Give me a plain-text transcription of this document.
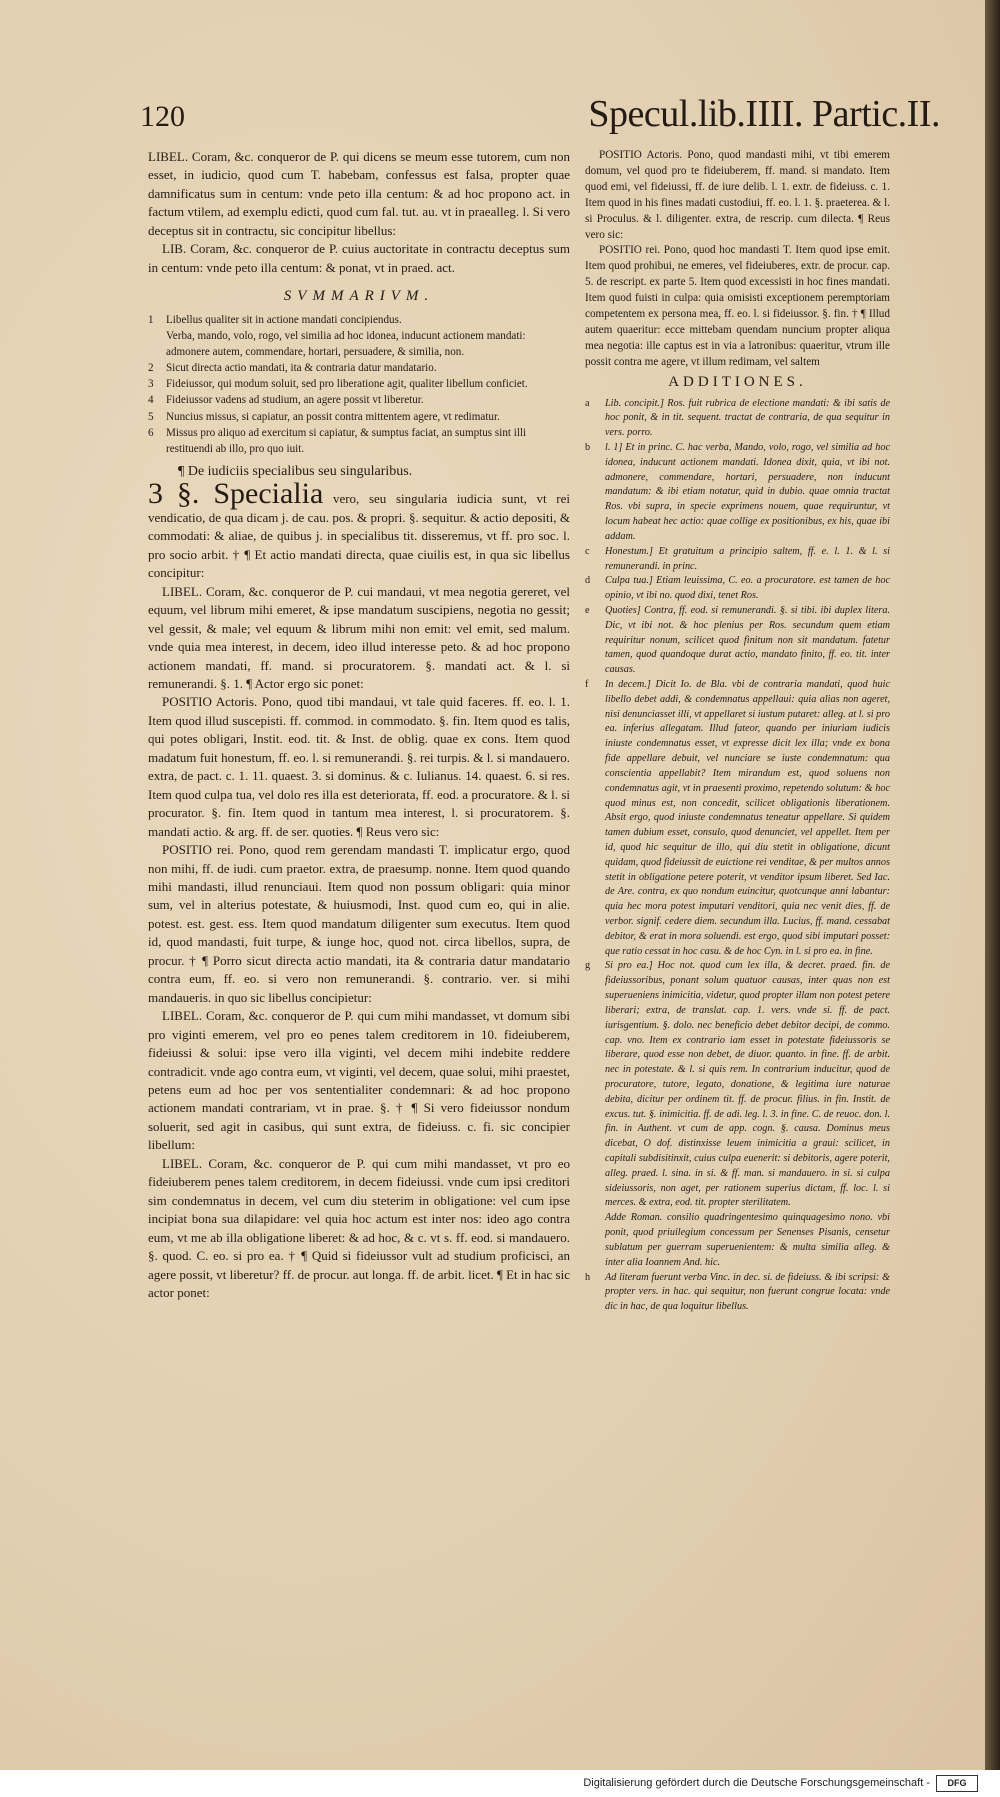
120	Specul.lib.IIII. Partic.II.

LIBEL. Coram, &c. conqueror de P. qui dicens se meum esse tutorem, cum non esset, in iudicio, quod cum T. habebam, confessus est falsa, propter quae damnificatus sum in centum: vnde peto illa centum: & ad hoc propono act. in factum vtilem, ad exemplu edicti, quod cum fal. tut. au. vt in praealleg. l. Si vero deceptus sit in contractu, sic concipitur libellus:

LIB. Coram, &c. conqueror de P. cuius auctoritate in contractu deceptus sum in centum: vnde peto illa centum: & ponat, vt in praed. act.

SVMMARIVM.
1	Libellus qualiter sit in actione mandati concipiendus.
Verba, mando, volo, rogo, vel similia ad hoc idonea, inducunt actionem mandati: admonere autem, commendare, hortari, persuadere, & similia, non.
2	Sicut directa actio mandati, ita & contraria datur mandatario.
3	Fideiussor, qui modum soluit, sed pro liberatione agit, qualiter libellum conficiet.
4	Fideiussor vadens ad studium, an agere possit vt liberetur.
5	Nuncius missus, si capiatur, an possit contra mittentem agere, vt redimatur.
6	Missus pro aliquo ad exercitum si capiatur, & sumptus faciat, an sumptus sint illi restituendi ab illo, pro quo iuit.
¶ De iudiciis specialibus seu singularibus.

3 §. Specialia vero, seu singularia iudicia sunt, vt rei vendicatio, de qua dicam j. de cau. pos. & propri. §. sequitur. & actio depositi, & commodati: & aliae, de quibus j. in specialibus tit. disseremus, vt ff. pro soc. l. pro socio arbit. † ¶ Et actio mandati directa, quae ciuilis est, in qua sic libellus concipitur:

LIBEL. Coram, &c. conqueror de P. cui mandaui, vt mea negotia gereret, vel equum, vel librum mihi emeret, & ipse mandatum suscipiens, negotia no gessit; vel gessit, & male; vel equum & librum mihi non emit: vel emit, sed malum. vnde quia mea interest, in decem, ideo illud interesse peto. & ad hoc propono actionem mandati, ff. mand. si procuratorem. §. mandati act. & l. si remunerandi. §. 1. ¶ Actor ergo sic ponet:

POSITIO Actoris. Pono, quod tibi mandaui, vt tale quid faceres. ff. eo. l. 1. Item quod illud suscepisti. ff. commod. in commodato. §. fin. Item quod es talis, qui potes obligari, Instit. eod. tit. & Inst. de oblig. quae ex cons. Item quod madatum fuit honestum, ff. eo. l. si remunerandi. §. rei turpis. & l. si mandauero. extra, de pact. c. 1. 11. quaest. 3. si dominus. & c. Iulianus. 14. quaest. 6. si res. Item quod culpa tua, vel dolo res illa est deteriorata, ff. eod. a procuratore. & l. si procurator. §. fin. Item quod in tantum mea interest, l. si procuratorem. §. mandati actio. & arg. ff. de ser. quoties. ¶ Reus vero sic:

POSITIO rei. Pono, quod rem gerendam mandasti T. implicatur ergo, quod non mihi, ff. de iudi. cum praetor. extra, de praesump. nonne. Item quod quando mihi mandasti, illud renunciaui. Item quod non possum obligari: quia minor sum, vel in alterius potestate, & huiusmodi, Inst. quod cum eo, qui in alie. potest. est. gest. ess. Item quod mandatum diligenter sum executus. Item quod id, quod mandasti, fuit turpe, & iunge hoc, quod not. circa libellos, supra, de procur. † ¶ Porro sicut directa actio mandati, ita & contraria datur mandatario contra eum, ff. eo. si vero non remunerandi. §. contrario. ver. si mihi mandaueris. in quo sic libellus concipietur:

LIBEL. Coram, &c. conqueror de P. qui cum mihi mandasset, vt domum sibi pro viginti emerem, vel pro eo penes talem creditorem in 10. fideiuberem, fideiussi & solui: ipse vero illa viginti, vel decem mihi indebite reddere contradicit. vnde ago contra eum, vt viginti, vel decem, quae solui, mihi praestet, petens eum ad hoc per vos sententialiter condemnari: & ad hoc propono actionem mandati contrariam, vt in prae. §. † ¶ Si vero fideiussor nondum soluerit, sed agit in casibus, qui sunt extra, de fideiuss. c. fi. sic concipier libellum:

LIBEL. Coram, &c. conqueror de P. qui cum mihi mandasset, vt pro eo fideiuberem penes talem creditorem, in decem fideiussi. vnde cum ipsi creditori sim condemnatus in decem, vel cum diu steterim in obligatione: vel cum ipse incipiat bona sua dilapidare: vel quia hoc actum est inter nos: ideo ago contra eum, vt me ab illa obligatione liberet: & ad hoc, & c. vt s. ff. eod. si mandauero. §. quod. C. eo. si pro ea. † ¶ Quid si fideiussor vult ad studium proficisci, an agere possit, vt liberetur? ff. de procur. aut longa. ff. de arbit. licet. ¶ Et in hac sic actor ponet:

POSITIO Actoris. Pono, quod mandasti mihi, vt tibi emerem domum, vel quod pro te fideiuberem, ff. mand. si mandato. Item quod emi, vel fideiussi, ff. de iure delib. l. 1. extr. de fideiuss. c. 1. Item quod in his fines madati custodiui, ff. eo. l. 1. §. praeterea. & l. si Proculus. & l. diligenter. extra, de rescrip. cum dilecta. ¶ Reus vero sic:

POSITIO rei. Pono, quod hoc mandasti T. Item quod ipse emit. Item quod prohibui, ne emeres, vel fideiuberes, extr. de procur. cap. 5. de rescript. ex parte 5. Item quod excessisti in hoc fines mandati. Item quod fuisti in culpa: quia omisisti exceptionem peremptoriam competentem ex persona mea, ff. eo. l. si fideiussor. §. fin. † ¶ Illud autem quaeritur: ecce mittebam quendam nuncium propter aliqua mea negotia: ille captus est in via a latronibus: quaeritur, vtrum ille possit contra me agere, vt illum redimam, vel saltem

ADDITIONES.
a	Lib. concipit.] Ros. fuit rubrica de electione mandati: & ibi satis de hoc ponit, & in tit. sequent. tractat de contraria, de qua sequitur in vers. porro.
b	l. 1] Et in princ. C. hac verba, Mando, volo, rogo, vel similia ad hoc idonea, inducunt actionem mandati. Idonea dixit, quia, vt ibi not. admonere, commendare, hortari, persuadere, non inducunt mandatum: & ibi etiam notatur, quid in dubio. quae omnia tractat Ros. vbi supra, in specie exprimens nouem, quae requiruntur, vt locum habeat hec actio: quae collige ex positionibus, ex his, quae ibi addam.
c	Honestum.] Et gratuitum a principio saltem, ff. e. l. 1. & l. si remunerandi. in princ.
d	Culpa tua.] Etiam leuissima, C. eo. a procuratore. est tamen de hoc opinio, vt ibi no. quod dixi, tenet Ros.
e	Quoties] Contra, ff. eod. si remunerandi. §. si tibi. ibi duplex litera. Dic, vt ibi not. & hoc plenius per Ros. secundum quem etiam requiritur nonum, scilicet quod finitum non sit mandatum. fatetur tamen, quod quandoque durat actio, mandato finito, ff. eo. tit. inter causas.
f	In decem.] Dicit Io. de Bla. vbi de contraria mandati, quod huic libello debet addi, & condemnatus appellaui: quia alias non ageret, nisi denunciasset illi, vt appellaret si iustum putaret: alleg. at l. si pro ea. inferius allegatam. Illud fateor, quando per iniuriam iudicis iniuste condemnatus esset, vt expresse dicit lex illa; vnde ex bona fide appellare debuit, vel nunciare se iuste condemnatum: qua conscientia appellabit? Item mirandum est, quod soluens non condemnatus agit, vt in praesenti proximo, repetendo solutum: & hoc quod minus est, non concedit, scilicet obligationis liberationem. Absit ergo, quod iniuste condemnatus teneatur appellare. Si quidem tamen dubium esset, consulo, quod denunciet, vel appellet. Item per id, quod hic sequitur de illo, qui diu stetit in obligatione, dicunt quidam, quod fideiussit de euictione rei venditae, & per multos annos stetit in obligatione petere poterit, vt venditor ipsum liberet. Sed Iac. de Are. contra, ex quo nondum euincitur, quotcunque anni labantur: quia hec mora potest imputari venditori, quia nec venit dies, ff. de verbor. signif. cedere diem. secundum illa. Lucius, ff. mand. cessabat debitor, & erat in mora soluendi. est ergo, quod sibi imputari posset: que ratio cessat in hoc casu. & de hoc Cyn. in l. si pro ea. in fine.
g	Si pro ea.] Hoc not. quod cum lex illa, & decret. praed. fin. de fideiussoribus, ponant solum quatuor causas, inter quas non est superueniens inimicitia, videtur, quod propter illam non potest petere liberari; extra, de translat. cap. 1. vers. vnde si. ff. de pact. iurisgentium. §. dolo. nec beneficio debet debitor decipi, de commo. cap. vno. Item ex contrario iam esset in potestate fideiussoris se liberare, quod esse non debet, de diuor. quanto. in fine. ff. de arbit. nec in potestate. & l. si quis rem. In contrarium inducitur, quod de procuratore, tutore, legato, donatione, & legitima iure naturae debita, dicitur per ordinem tit. ff. de procur. filius. in fin. Instit. de excus. tut. §. inimicitia. ff. de adi. leg. l. 3. in fine. C. de reuoc. don. l. fin. in Authent. vt cum de app. cogn. §. causa. Dominus meus dicebat, O dof. distinxisse leuem inimicitia a graui: scilicet, in capitali subdisitinxit, cuius culpa euenerit: si debitoris, agere poterit, alleg. praed. l. sina. in si. & ff. man. si mandauero. in si. si culpa sideiussoris, non aget, per rationem superius dictam, ff. loc. l. si merces. & extra, eod. tit. propter sterilitatem.
Adde Roman. consilio quadringentesimo quinquagesimo nono. vbi ponit, quod priuilegium concessum per Senenses Pisanis, censetur sublatum per guerram superuenientem: & multa similia alleg. & inter alia Ioannem And. hic.
h	Ad literam fuerunt verba Vinc. in dec. si. de fideiuss. & ibi scripsi: & propter vers. in hac. qui sequitur, non fuerunt congrue locata: vnde dic in hac, de qua loquitur libellus.
Digitalisierung gefördert durch die Deutsche Forschungsgemeinschaft -	DFG
